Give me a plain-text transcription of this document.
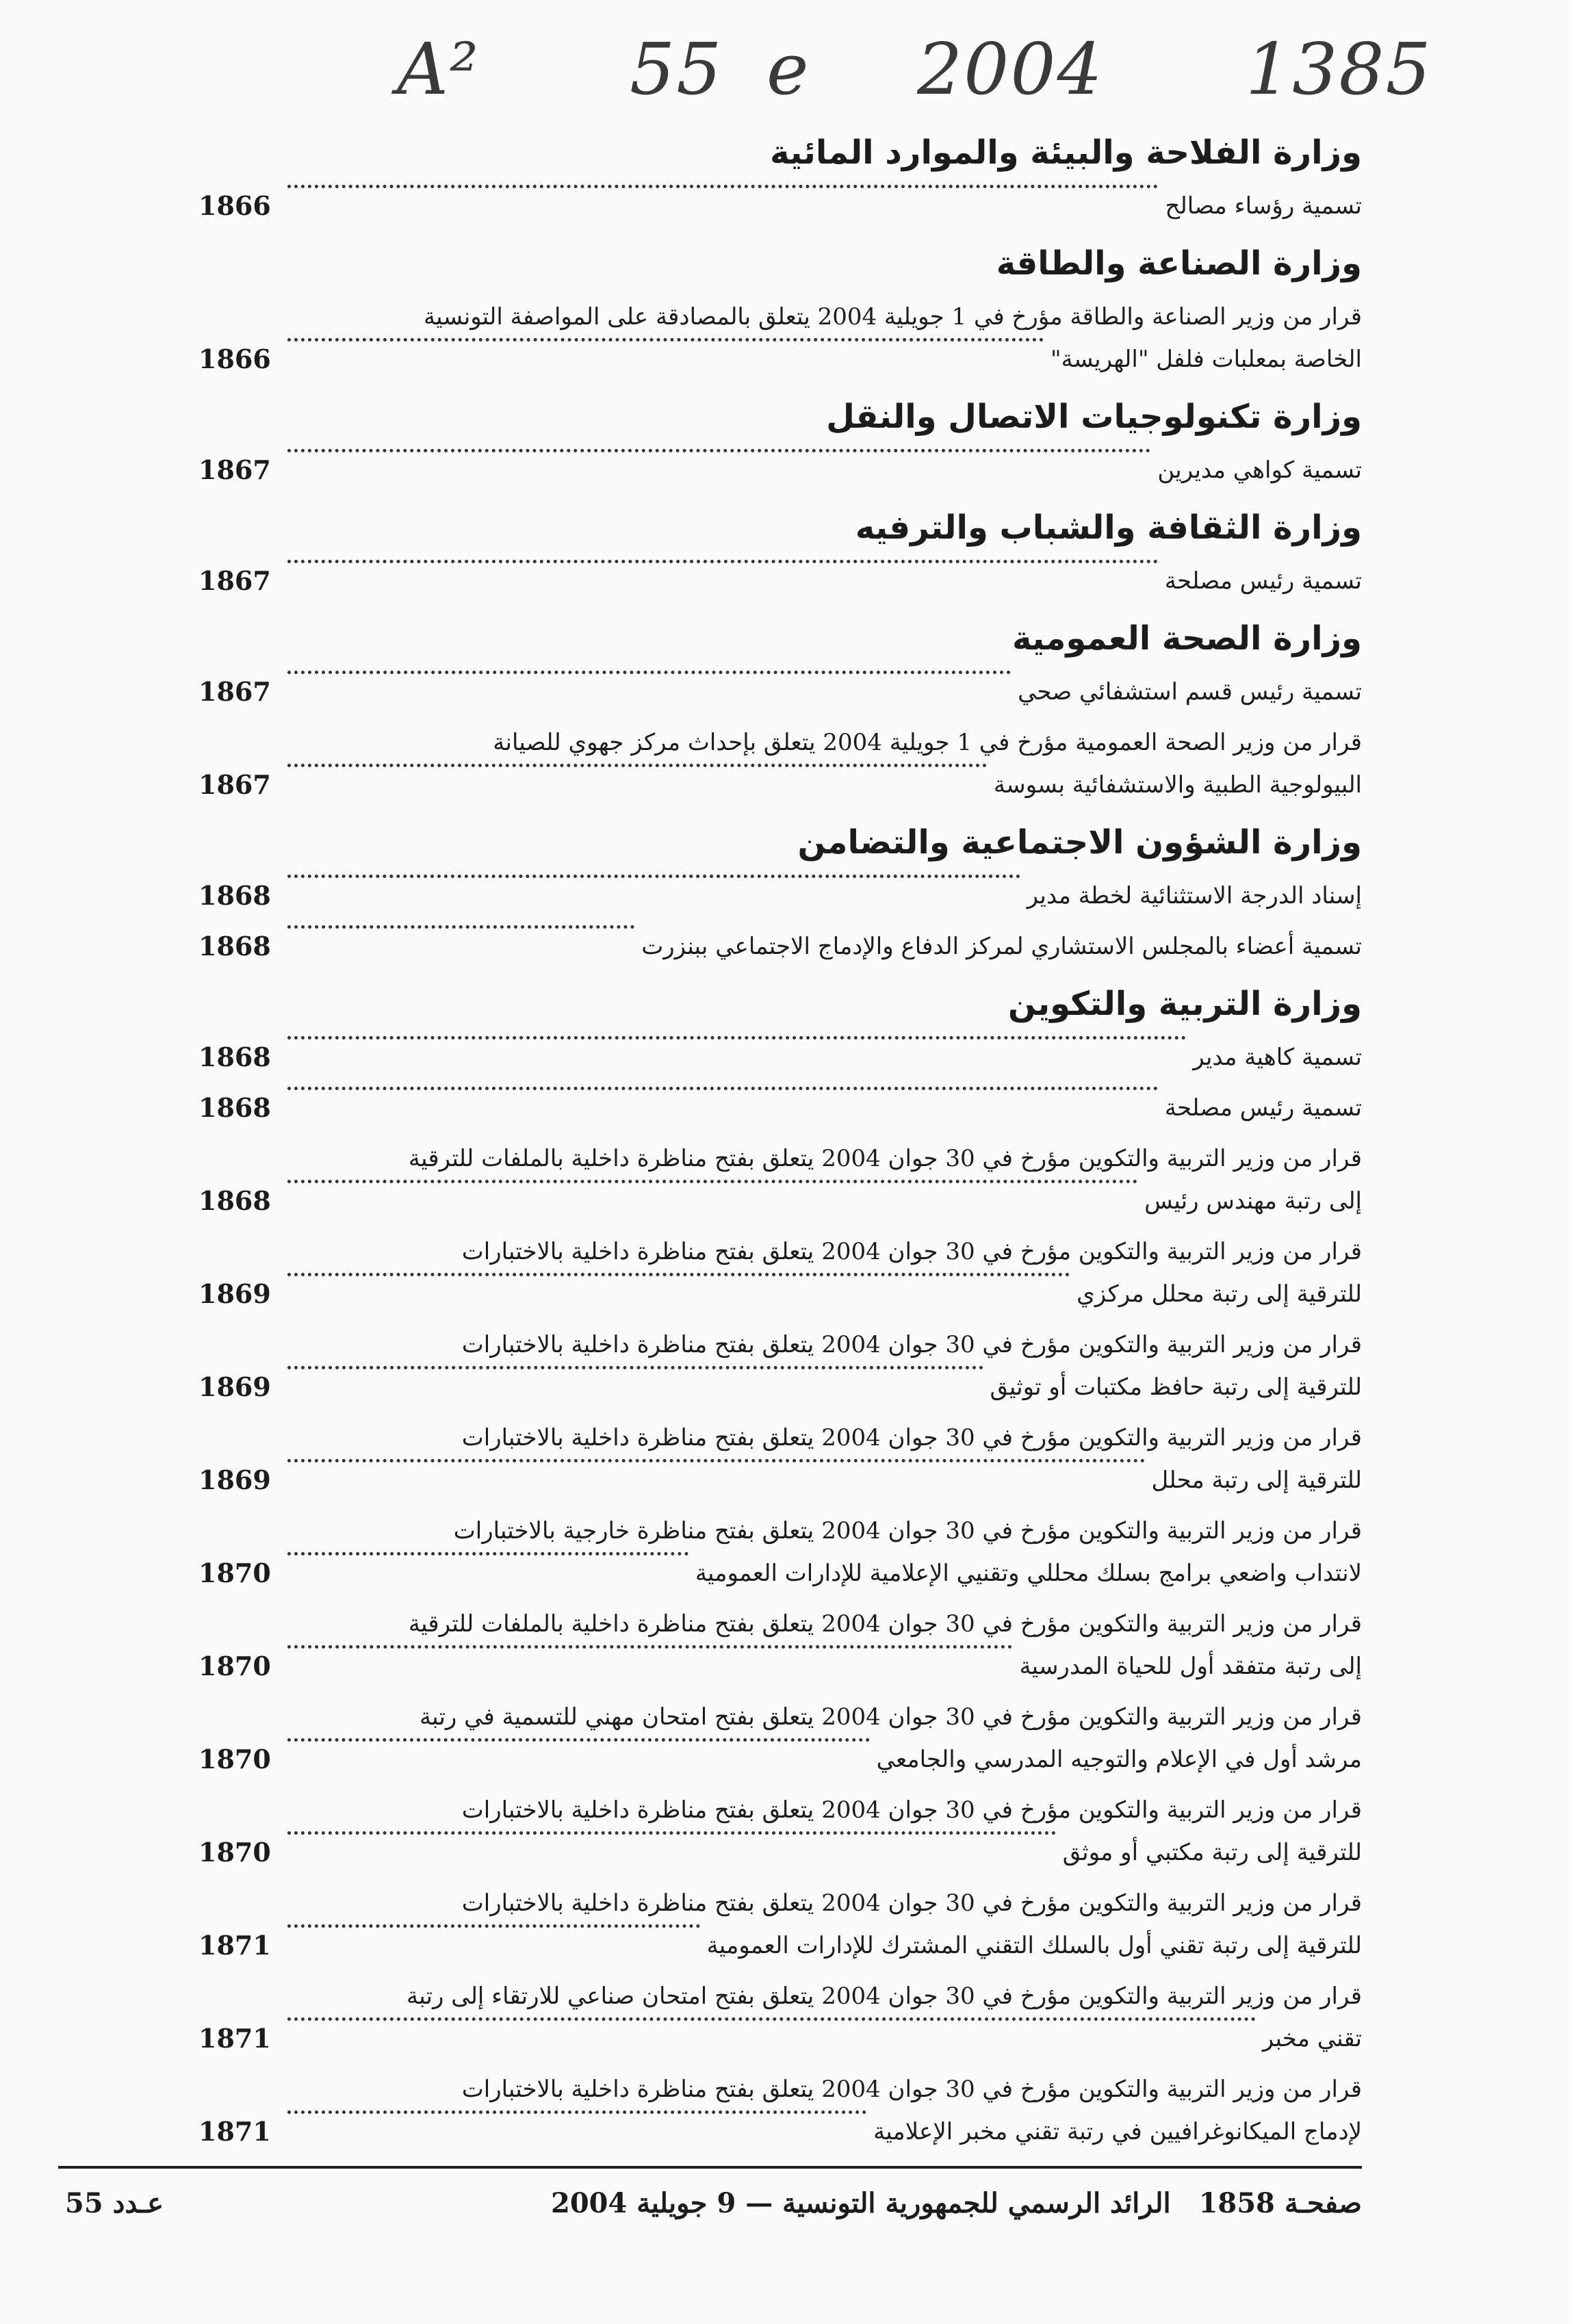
A² 55 e 2004 1385
وزارة الفلاحة والبيئة والموارد المائية
تسمية رؤساء مصالح
1866
وزارة الصناعة والطاقة
قرار من وزير الصناعة والطاقة مؤرخ في 1 جويلية 2004 يتعلق بالمصادقة على المواصفة التونسية
الخاصة بمعلبات فلفل "الهريسة"
1866
وزارة تكنولوجيات الاتصال والنقل
تسمية كواهي مديرين
1867
وزارة الثقافة والشباب والترفيه
تسمية رئيس مصلحة
1867
وزارة الصحة العمومية
تسمية رئيس قسم استشفائي صحي
1867
قرار من وزير الصحة العمومية مؤرخ في 1 جويلية 2004 يتعلق بإحداث مركز جهوي للصيانة
البيولوجية الطبية والاستشفائية بسوسة
1867
وزارة الشؤون الاجتماعية والتضامن
إسناد الدرجة الاستثنائية لخطة مدير
1868
تسمية أعضاء بالمجلس الاستشاري لمركز الدفاع والإدماج الاجتماعي ببنزرت
1868
وزارة التربية والتكوين
تسمية كاهية مدير
1868
تسمية رئيس مصلحة
1868
قرار من وزير التربية والتكوين مؤرخ في 30 جوان 2004 يتعلق بفتح مناظرة داخلية بالملفات للترقية
إلى رتبة مهندس رئيس
1868
قرار من وزير التربية والتكوين مؤرخ في 30 جوان 2004 يتعلق بفتح مناظرة داخلية بالاختبارات
للترقية إلى رتبة محلل مركزي
1869
قرار من وزير التربية والتكوين مؤرخ في 30 جوان 2004 يتعلق بفتح مناظرة داخلية بالاختبارات
للترقية إلى رتبة حافظ مكتبات أو توثيق
1869
قرار من وزير التربية والتكوين مؤرخ في 30 جوان 2004 يتعلق بفتح مناظرة داخلية بالاختبارات
للترقية إلى رتبة محلل
1869
قرار من وزير التربية والتكوين مؤرخ في 30 جوان 2004 يتعلق بفتح مناظرة خارجية بالاختبارات
لانتداب واضعي برامج بسلك محللي وتقنيي الإعلامية للإدارات العمومية
1870
قرار من وزير التربية والتكوين مؤرخ في 30 جوان 2004 يتعلق بفتح مناظرة داخلية بالملفات للترقية
إلى رتبة متفقد أول للحياة المدرسية
1870
قرار من وزير التربية والتكوين مؤرخ في 30 جوان 2004 يتعلق بفتح امتحان مهني للتسمية في رتبة
مرشد أول في الإعلام والتوجيه المدرسي والجامعي
1870
قرار من وزير التربية والتكوين مؤرخ في 30 جوان 2004 يتعلق بفتح مناظرة داخلية بالاختبارات
للترقية إلى رتبة مكتبي أو موثق
1870
قرار من وزير التربية والتكوين مؤرخ في 30 جوان 2004 يتعلق بفتح مناظرة داخلية بالاختبارات
للترقية إلى رتبة تقني أول بالسلك التقني المشترك للإدارات العمومية
1871
قرار من وزير التربية والتكوين مؤرخ في 30 جوان 2004 يتعلق بفتح امتحان صناعي للارتقاء إلى رتبة
تقني مخبر
1871
قرار من وزير التربية والتكوين مؤرخ في 30 جوان 2004 يتعلق بفتح مناظرة داخلية بالاختبارات
لإدماج الميكانوغرافيين في رتبة تقني مخبر الإعلامية
1871
صفحـة 1858
الرائد الرسمي للجمهورية التونسية — 9 جويلية 2004
عـدد 55
